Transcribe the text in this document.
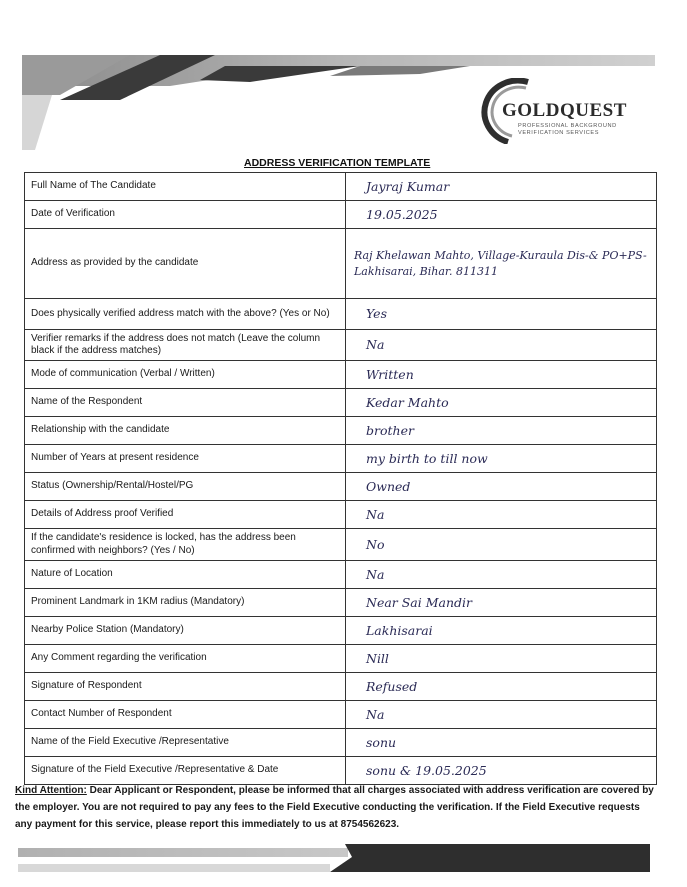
GOLDQUEST
PROFESSIONAL BACKGROUND
VERIFICATION SERVICES
ADDRESS VERIFICATION TEMPLATE
Full Name of The Candidate	Jayraj Kumar

Date of Verification	19.05.2025

Address as provided by the candidate	Raj Khelawan Mahto, Village-Kuraula Dis-& PO+PS-Lakhisarai, Bihar. 811311

Does physically verified address match with the above? (Yes or No)	Yes

Verifier remarks if the address does not match (Leave the column black if the address matches)	Na

Mode of communication (Verbal / Written)	Written

Name of the Respondent	Kedar Mahto

Relationship with the candidate	brother

Number of Years at present residence	my birth to till now

Status (Ownership/Rental/Hostel/PG	Owned

Details of Address proof Verified	Na

If the candidate's residence is locked, has the address been confirmed with neighbors? (Yes / No)	No

Nature of Location	Na

Prominent Landmark in 1KM radius (Mandatory)	Near Sai Mandir

Nearby Police Station (Mandatory)	Lakhisarai

Any Comment regarding the verification	Nill

Signature of Respondent	Refused

Contact Number of Respondent	Na

Name of the Field Executive /Representative	sonu

Signature of the Field Executive /Representative & Date	sonu & 19.05.2025
Kind Attention: Dear Applicant or Respondent, please be informed that all charges associated with address verification are covered by the employer. You are not required to pay any fees to the Field Executive conducting the verification. If the Field Executive requests any payment for this service, please report this immediately to us at 8754562623.
